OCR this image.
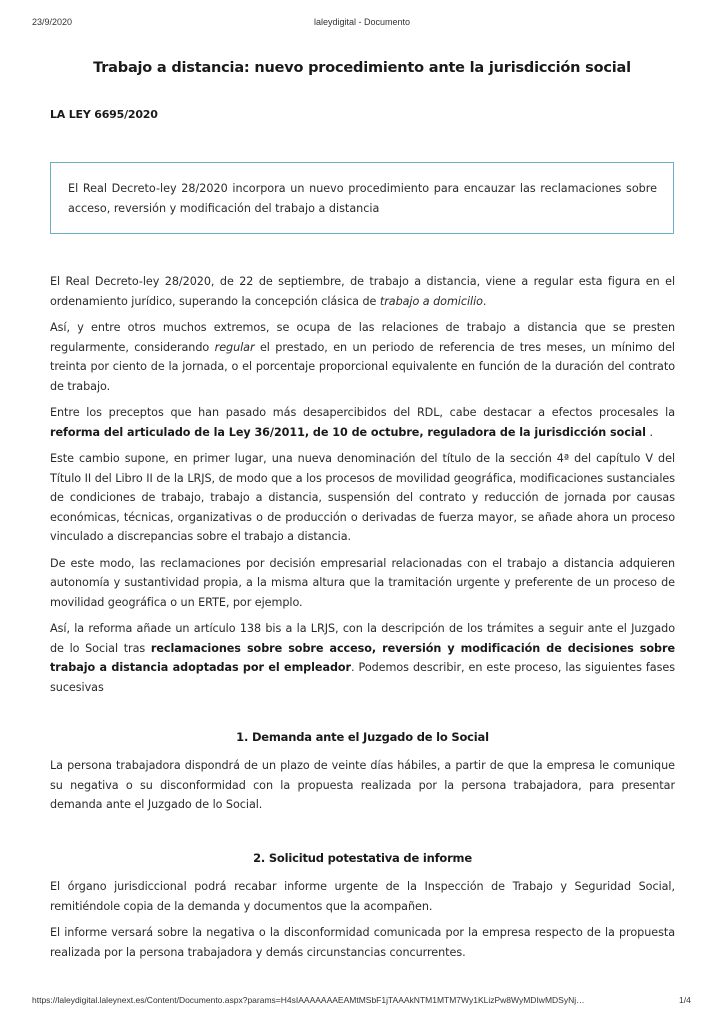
23/9/2020	laleydigital - Documento
Trabajo a distancia: nuevo procedimiento ante la jurisdicción social
LA LEY 6695/2020

El Real Decreto-ley 28/2020 incorpora un nuevo procedimiento para encauzar las reclamaciones sobre acceso, reversión y modificación del trabajo a distancia

El Real Decreto-ley 28/2020, de 22 de septiembre, de trabajo a distancia, viene a regular esta figura en el ordenamiento jurídico, superando la concepción clásica de trabajo a domicilio.

Así, y entre otros muchos extremos, se ocupa de las relaciones de trabajo a distancia que se presten regularmente, considerando regular el prestado, en un periodo de referencia de tres meses, un mínimo del treinta por ciento de la jornada, o el porcentaje proporcional equivalente en función de la duración del contrato de trabajo.

Entre los preceptos que han pasado más desapercibidos del RDL, cabe destacar a efectos procesales la reforma del articulado de la Ley 36/2011, de 10 de octubre, reguladora de la jurisdicción social .

Este cambio supone, en primer lugar, una nueva denominación del título de la sección 4ª del capítulo V del Título II del Libro II de la LRJS, de modo que a los procesos de movilidad geográfica, modificaciones sustanciales de condiciones de trabajo, trabajo a distancia, suspensión del contrato y reducción de jornada por causas económicas, técnicas, organizativas o de producción o derivadas de fuerza mayor, se añade ahora un proceso vinculado a discrepancias sobre el trabajo a distancia.

De este modo, las reclamaciones por decisión empresarial relacionadas con el trabajo a distancia adquieren autonomía y sustantividad propia, a la misma altura que la tramitación urgente y preferente de un proceso de movilidad geográfica o un ERTE, por ejemplo.

Así, la reforma añade un artículo 138 bis a la LRJS, con la descripción de los trámites a seguir ante el Juzgado de lo Social tras reclamaciones sobre sobre acceso, reversión y modificación de decisiones sobre trabajo a distancia adoptadas por el empleador. Podemos describir, en este proceso, las siguientes fases sucesivas

1. Demanda ante el Juzgado de lo Social

La persona trabajadora dispondrá de un plazo de veinte días hábiles, a partir de que la empresa le comunique su negativa o su disconformidad con la propuesta realizada por la persona trabajadora, para presentar demanda ante el Juzgado de lo Social.

2. Solicitud potestativa de informe

El órgano jurisdiccional podrá recabar informe urgente de la Inspección de Trabajo y Seguridad Social, remitiéndole copia de la demanda y documentos que la acompañen.

El informe versará sobre la negativa o la disconformidad comunicada por la empresa respecto de la propuesta realizada por la persona trabajadora y demás circunstancias concurrentes.

https://laleydigital.laleynext.es/Content/Documento.aspx?params=H4sIAAAAAAAEAMtMSbF1jTAAAkNTM1MTM7Wy1KLizPw8WyMDIwMDSyNj…	1/4
